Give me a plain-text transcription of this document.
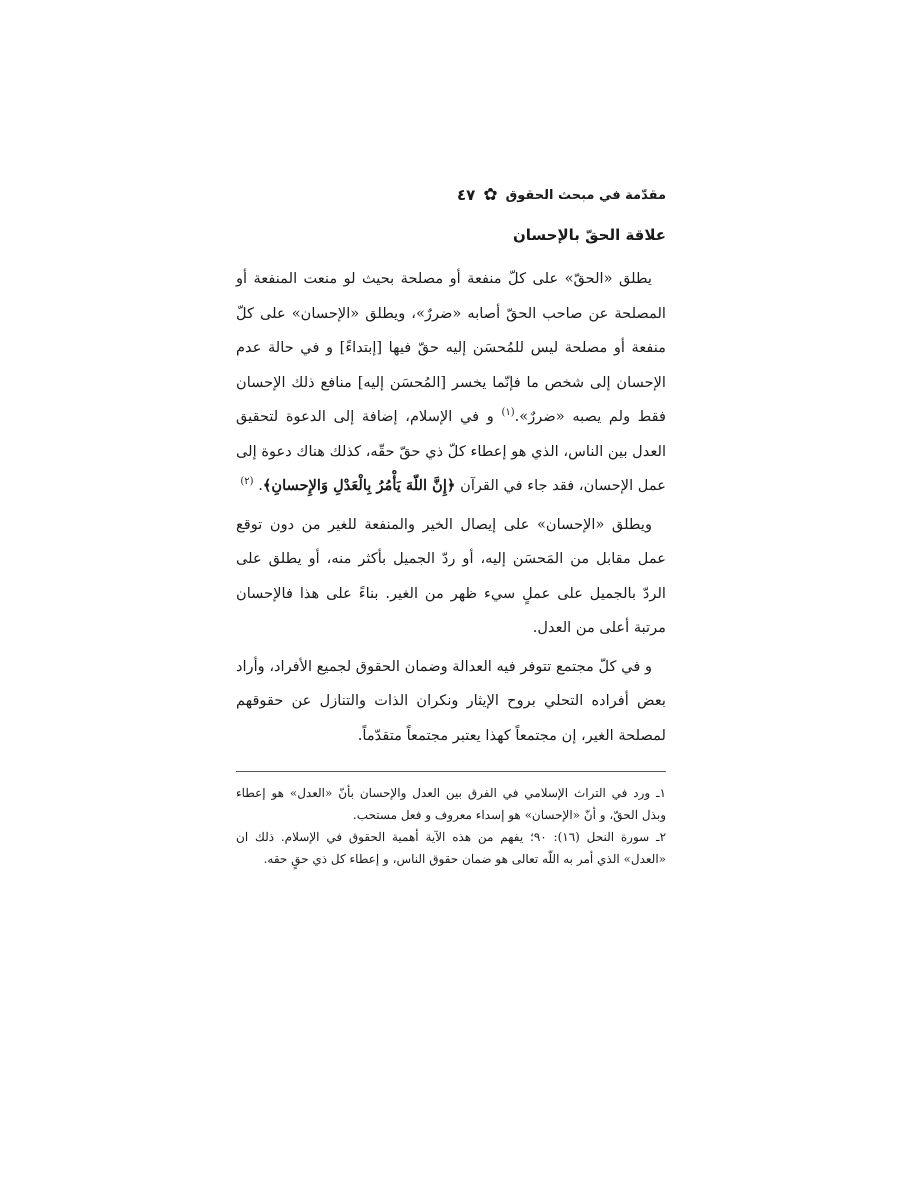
مقدّمة في مبحث الحقوق
✿
٤٧
علاقة الحقّ بالإحسان

يطلق «الحقّ» على كلّ منفعة أو مصلحة بحيث لو منعت المنفعة أو المصلحة عن صاحب الحقّ أصابه «ضررٌ»، ويطلق «الإحسان» على كلّ منفعة أو مصلحة ليس للمُحسَن إليه حقّ فيها [إبتداءً] و في حالة عدم الإحسان إلى شخص ما فإنّما يخسر [المُحسَن إليه] منافع ذلك الإحسان فقط ولم يصبه «ضررٌ».$^{(١)}$ و في الإسلام، إضافة إلى الدعوة لتحقيق العدل بين الناس، الذي هو إعطاء كلّ ذي حقّ حقّه، كذلك هناك دعوة إلى عمل الإحسان، فقد جاء في القرآن ﴿إِنَّ اللّهَ يَأْمُرُ بِالْعَدْلِ وَالإِحسانِ﴾. $^{(٢)}$

ويطلق «الإحسان» على إيصال الخير والمنفعة للغير من دون توقع عمل مقابل من المَحسَن إليه، أو ردّ الجميل بأكثر منه، أو يطلق على الردّ بالجميل على عملٍ سيء ظهر من الغير. بناءً على هذا فالإحسان مرتبة أعلى من العدل.

و في كلّ مجتمع تتوفر فيه العدالة وضمان الحقوق لجميع الأفراد، وأراد بعض أفراده التحلي بروح الإيثار ونكران الذات والتنازل عن حقوقهم لمصلحة الغير، إن مجتمعاً كهذا يعتبر مجتمعاً متقدّماً.

١ـ ورد في التراث الإسلامي في الفرق بين العدل والإحسان بأنّ «العدل» هو إعطاء وبذل الحقّ، و أنّ «الإحسان» هو إسداء معروف و فعل مستحب.

٢ـ سورة النحل (١٦): ٩٠؛ يفهم من هذه الآية أهمية الحقوق في الإسلام. ذلك ان «العدل» الذي أمر به اللّه تعالى هو ضمان حقوق الناس، و إعطاء كل ذي حقٍ حقه.
